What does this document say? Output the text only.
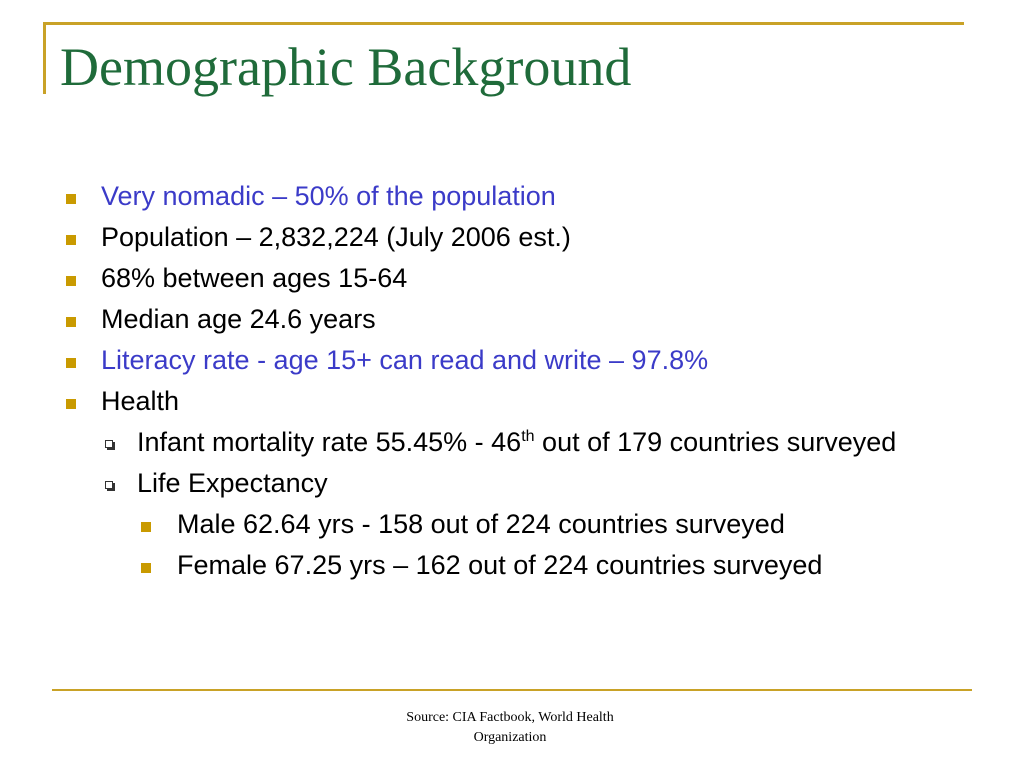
Demographic Background
Very nomadic – 50% of the population
Population – 2,832,224 (July 2006 est.)
68% between ages 15-64
Median age 24.6 years
Literacy rate - age 15+ can read and write – 97.8%
Health
Infant mortality rate 55.45% - 46th out of 179 countries surveyed
Life Expectancy
Male 62.64 yrs - 158 out of 224 countries surveyed
Female 67.25 yrs – 162 out of 224 countries surveyed

Source: CIA Factbook, World Health
Organization
